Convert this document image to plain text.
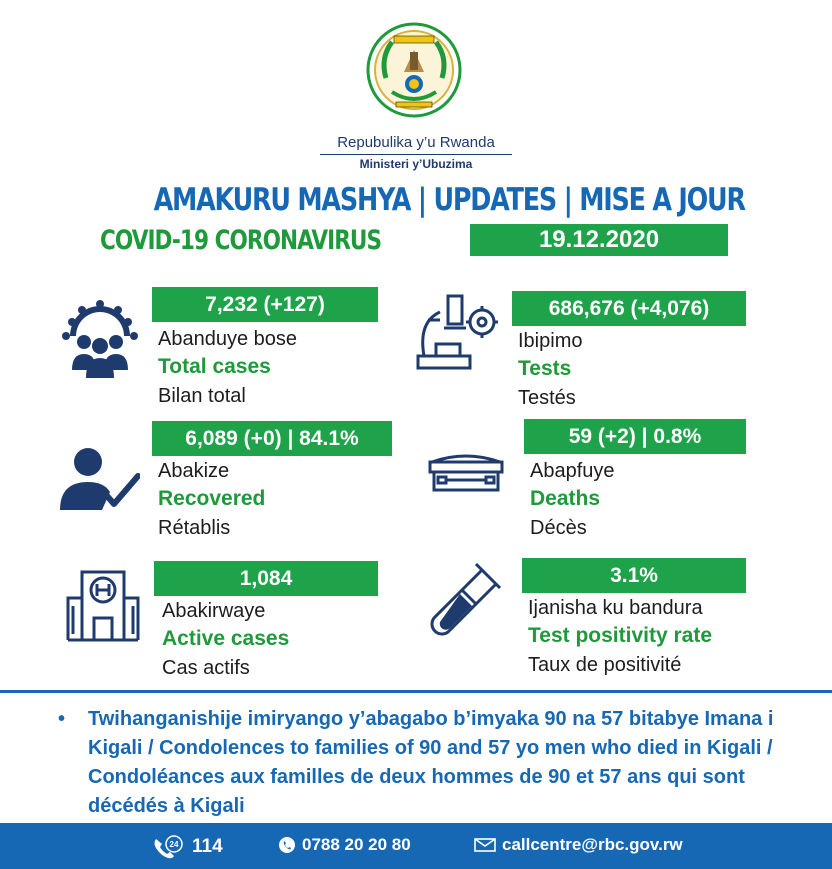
Repubulika y’u Rwanda
Ministeri y’Ubuzima
AMAKURU MASHYA | UPDATES | MISE A JOUR
COVID-19 CORONAVIRUS	19.12.2020
7,232 (+127)
Abanduye bose
Total cases
Bilan total
6,089 (+0) | 84.1%
Abakize
Recovered
Rétablis
1,084
Abakirwaye
Active cases
Cas actifs
686,676 (+4,076)
Ibipimo
Tests
Testés
59 (+2) | 0.8%
Abapfuye
Deaths
Décès
3.1%
Ijanisha ku bandura
Test positivity rate
Taux de positivité
•	Twihanganishije imiryango y’abagabo b’imyaka 90 na 57 bitabye Imana i Kigali / Condolences to families of 90 and 57 yo men who died in Kigali / Condoléances aux familles de deux hommes de 90 et 57 ans qui sont décédés à Kigali
24 114	0788 20 20 80	callcentre@rbc.gov.rw
